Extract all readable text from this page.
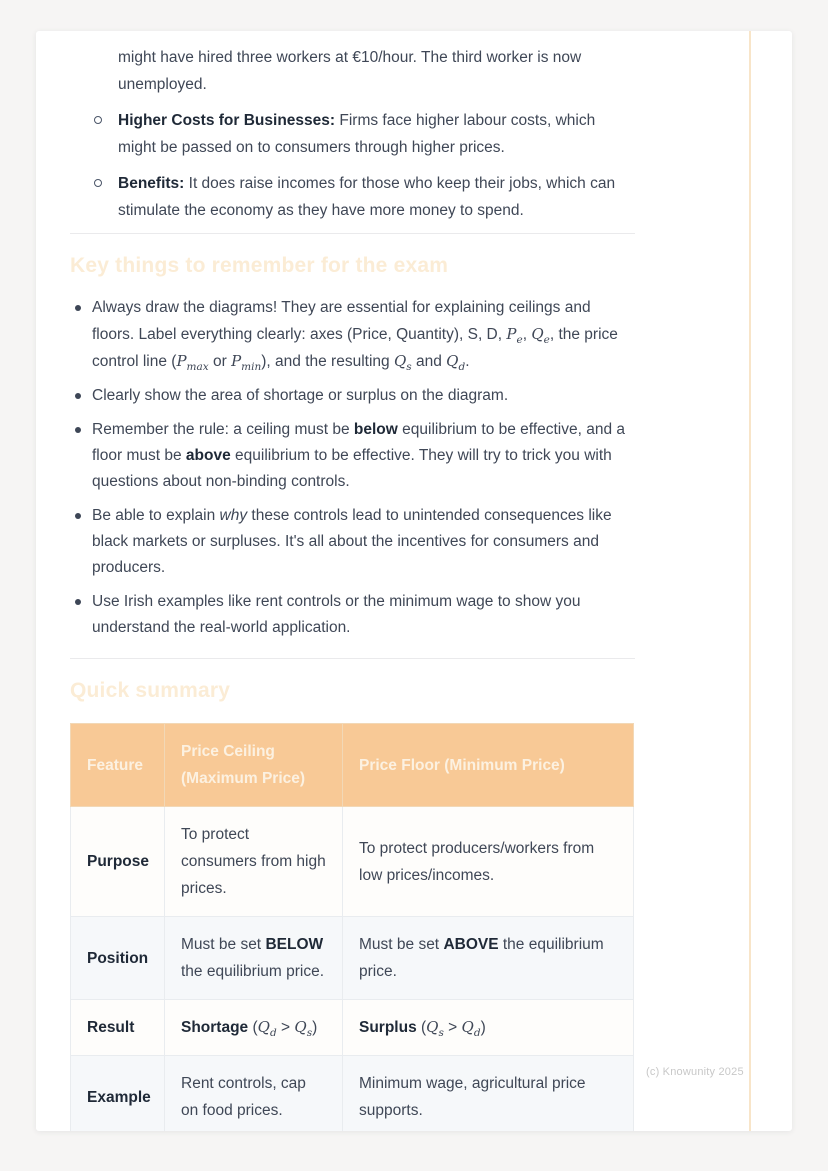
might have hired three workers at €10/hour. The third worker is now unemployed.

Higher Costs for Businesses: Firms face higher labour costs, which might be passed on to consumers through higher prices.
Benefits: It does raise incomes for those who keep their jobs, which can stimulate the economy as they have more money to spend.
Key things to remember for the exam
Always draw the diagrams! They are essential for explaining ceilings and floors. Label everything clearly: axes (Price, Quantity), S, D, $P_e$, $Q_e$, the price control line ($P_{max}$ or $P_{min}$), and the resulting $Q_s$ and $Q_d$.
Clearly show the area of shortage or surplus on the diagram.
Remember the rule: a ceiling must be below equilibrium to be effective, and a floor must be above equilibrium to be effective. They will try to trick you with questions about non-binding controls.
Be able to explain why these controls lead to unintended consequences like black markets or surpluses. It's all about the incentives for consumers and producers.
Use Irish examples like rent controls or the minimum wage to show you understand the real-world application.
Quick summary
Feature	Price Ceiling (Maximum Price)	Price Floor (Minimum Price)
Purpose	To protect consumers from high prices.	To protect producers/workers from low prices/incomes.
Position	Must be set BELOW the equilibrium price.	Must be set ABOVE the equilibrium price.
Result	Shortage $(Q_d > Q_s)$	Surplus $(Q_s > Q_d)$
Example	Rent controls, cap on food prices.	Minimum wage, agricultural price supports.

(c) Knowunity 2025
